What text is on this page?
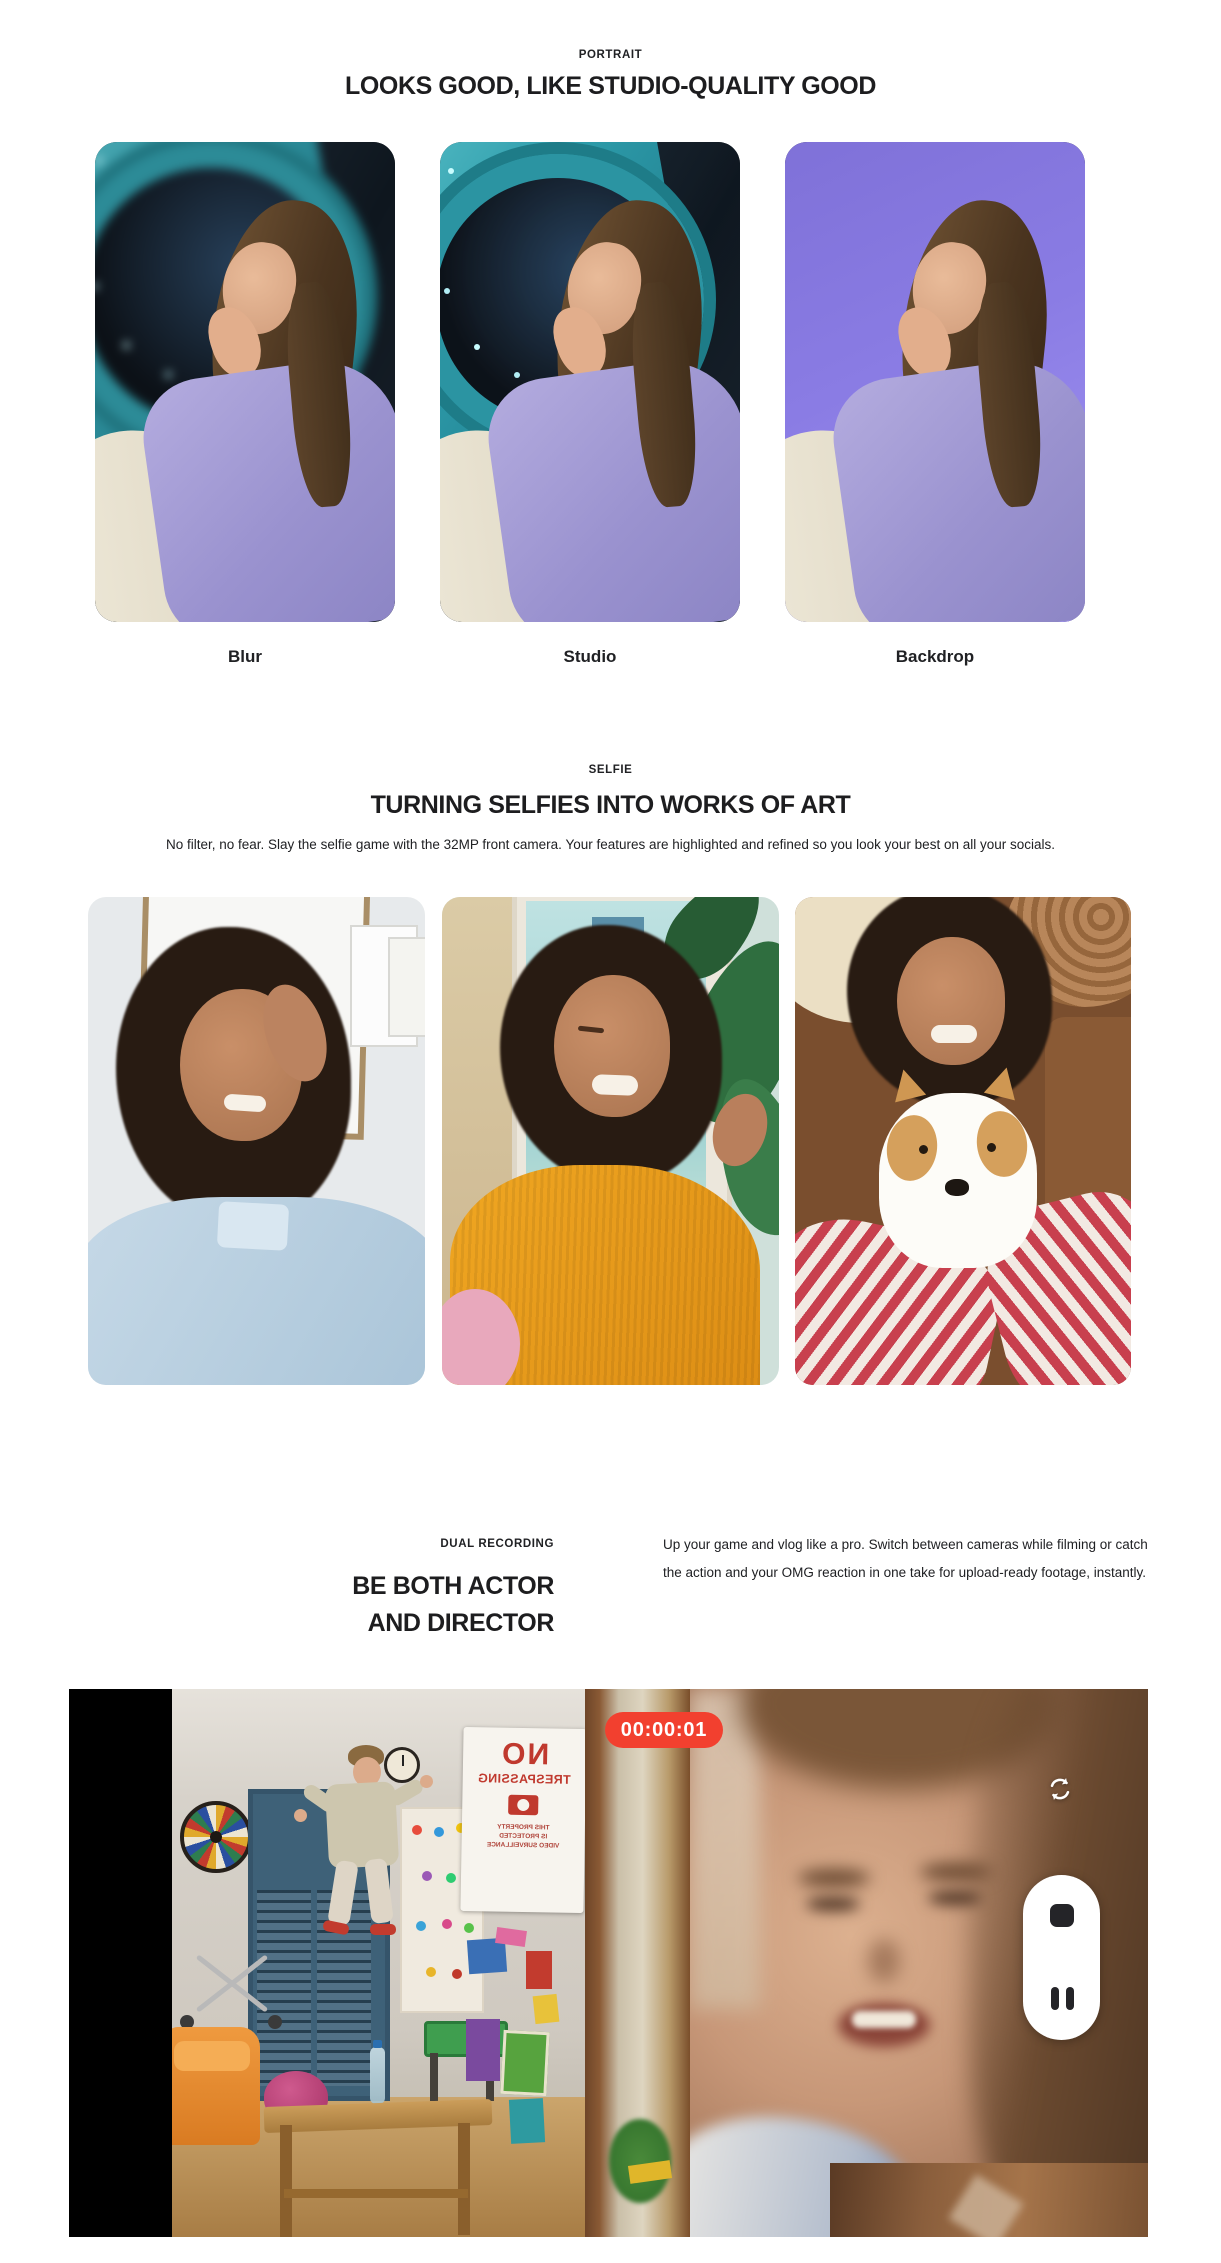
PORTRAIT
LOOKS GOOD, LIKE STUDIO-QUALITY GOOD
Blur	Studio	Backdrop
SELFIE
TURNING SELFIES INTO WORKS OF ART
No filter, no fear. Slay the selfie game with the 32MP front camera. Your features are highlighted and refined so you look your best on all your socials.
DUAL RECORDING
BE BOTH ACTOR
AND DIRECTOR
Up your game and vlog like a pro. Switch between cameras while filming or catch the action and your OMG reaction in one take for upload-ready footage, instantly.
NO
TRESPASSING
THIS PROPERTY
IS PROTECTED
VIDEO SURVEILLANCE
00:00:01
